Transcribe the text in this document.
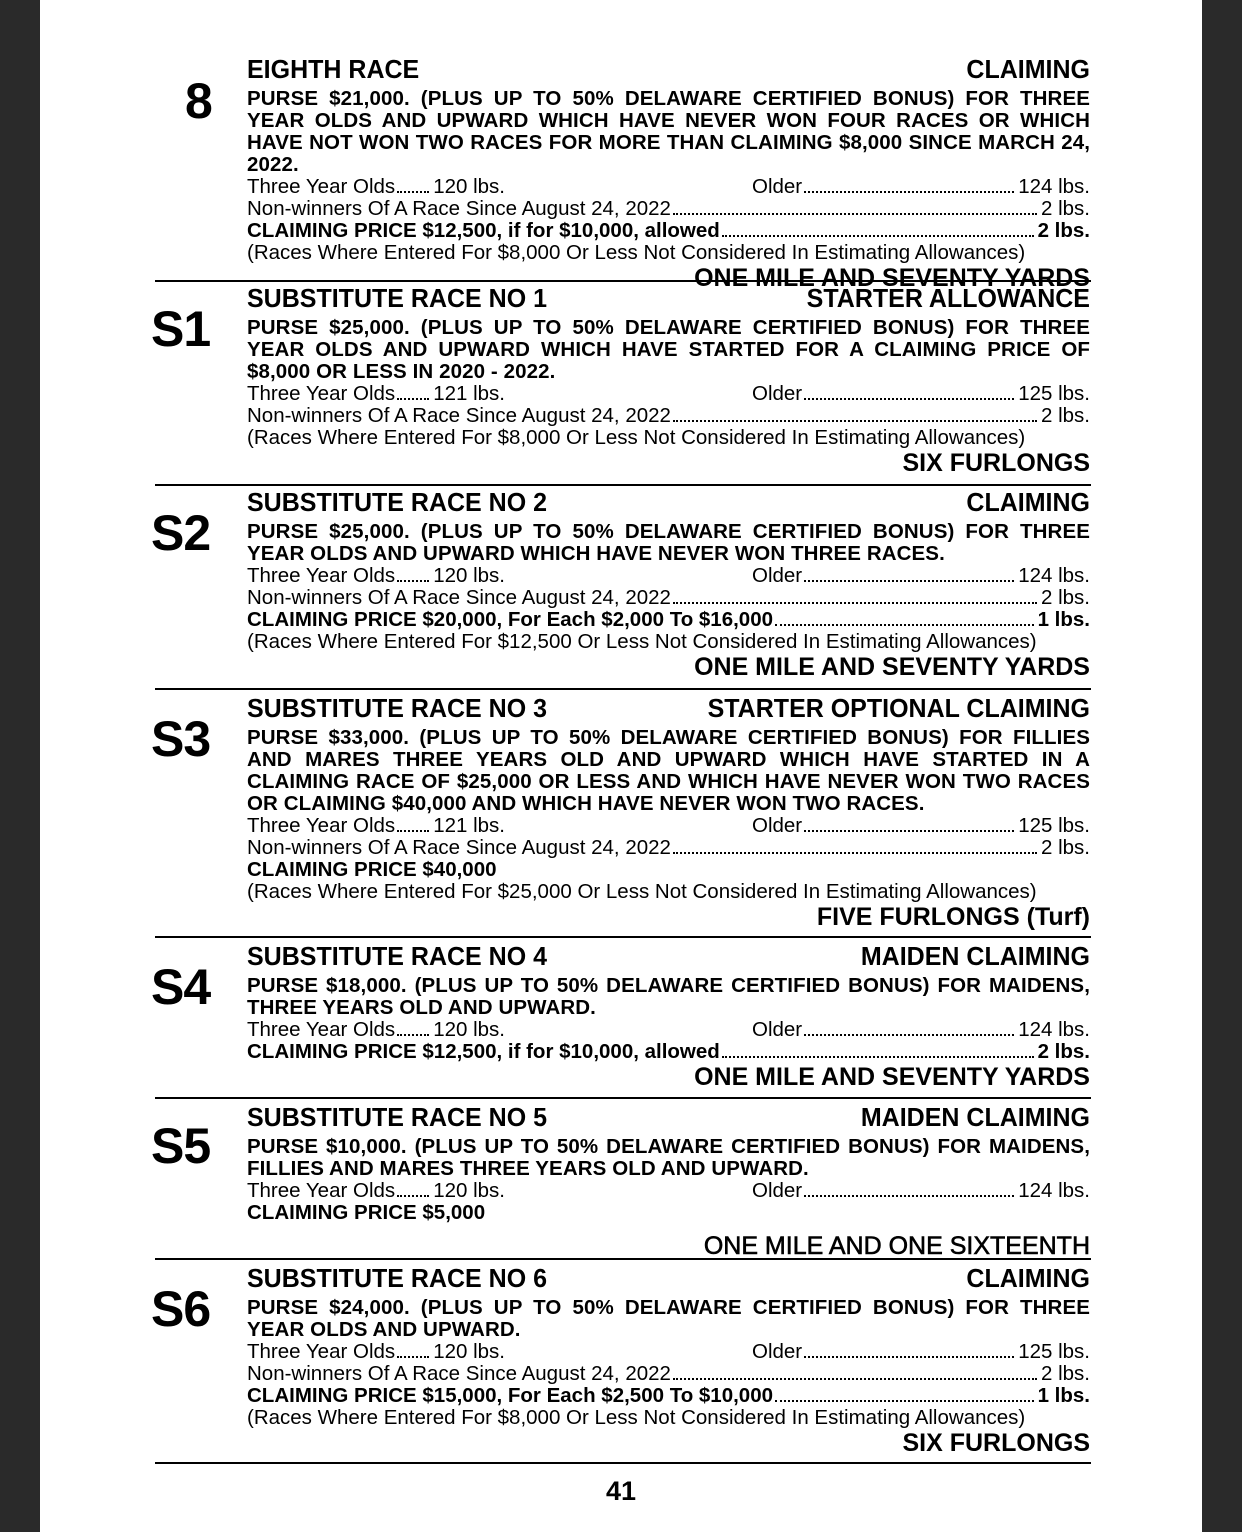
8
EIGHTH RACE	CLAIMING
PURSE $21,000. (PLUS UP TO 50% DELAWARE CERTIFIED BONUS) FOR THREE YEAR OLDS AND UPWARD WHICH HAVE NEVER WON FOUR RACES OR WHICH HAVE NOT WON TWO RACES FOR MORE THAN CLAIMING $8,000 SINCE MARCH 24, 2022.
Three Year Olds 120 lbs.	Older	124 lbs.
Non-winners Of A Race Since August 24, 2022	2 lbs.
CLAIMING PRICE $12,500, if for $10,000, allowed	2 lbs.
(Races Where Entered For $8,000 Or Less Not Considered In Estimating Allowances)
ONE MILE AND SEVENTY YARDS
S1
SUBSTITUTE RACE NO 1	STARTER ALLOWANCE
PURSE $25,000. (PLUS UP TO 50% DELAWARE CERTIFIED BONUS) FOR THREE YEAR OLDS AND UPWARD WHICH HAVE STARTED FOR A CLAIMING PRICE OF $8,000 OR LESS IN 2020 - 2022.
Three Year Olds 121 lbs.	Older	125 lbs.
Non-winners Of A Race Since August 24, 2022	2 lbs.
(Races Where Entered For $8,000 Or Less Not Considered In Estimating Allowances)
SIX FURLONGS
S2
SUBSTITUTE RACE NO 2	CLAIMING
PURSE $25,000. (PLUS UP TO 50% DELAWARE CERTIFIED BONUS) FOR THREE YEAR OLDS AND UPWARD WHICH HAVE NEVER WON THREE RACES.
Three Year Olds 120 lbs.	Older	124 lbs.
Non-winners Of A Race Since August 24, 2022	2 lbs.
CLAIMING PRICE $20,000, For Each $2,000 To $16,000	1 lbs.
(Races Where Entered For $12,500 Or Less Not Considered In Estimating Allowances)
ONE MILE AND SEVENTY YARDS
S3
SUBSTITUTE RACE NO 3	STARTER OPTIONAL CLAIMING
PURSE $33,000. (PLUS UP TO 50% DELAWARE CERTIFIED BONUS) FOR FILLIES AND MARES THREE YEARS OLD AND UPWARD WHICH HAVE STARTED IN A CLAIMING RACE OF $25,000 OR LESS AND WHICH HAVE NEVER WON TWO RACES OR CLAIMING $40,000 AND WHICH HAVE NEVER WON TWO RACES.
Three Year Olds 121 lbs.	Older	125 lbs.
Non-winners Of A Race Since August 24, 2022	2 lbs.
CLAIMING PRICE $40,000
(Races Where Entered For $25,000 Or Less Not Considered In Estimating Allowances)
FIVE FURLONGS (Turf)
S4
SUBSTITUTE RACE NO 4	MAIDEN CLAIMING
PURSE $18,000. (PLUS UP TO 50% DELAWARE CERTIFIED BONUS) FOR MAIDENS, THREE YEARS OLD AND UPWARD.
Three Year Olds 120 lbs.	Older	124 lbs.
CLAIMING PRICE $12,500, if for $10,000, allowed	2 lbs.
ONE MILE AND SEVENTY YARDS
S5	SUBSTITUTE RACE NO 5	MAIDEN CLAIMING
PURSE $10,000. (PLUS UP TO 50% DELAWARE CERTIFIED BONUS) FOR MAIDENS, FILLIES AND MARES THREE YEARS OLD AND UPWARD.
Three Year Olds 120 lbs.	Older	124 lbs.
CLAIMING PRICE $5,000
ONE MILE AND ONE SIXTEENTH
S6
SUBSTITUTE RACE NO 6	CLAIMING
PURSE $24,000. (PLUS UP TO 50% DELAWARE CERTIFIED BONUS) FOR THREE YEAR OLDS AND UPWARD.
Three Year Olds 120 lbs.	Older	125 lbs.
Non-winners Of A Race Since August 24, 2022	2 lbs.
CLAIMING PRICE $15,000, For Each $2,500 To $10,000	1 lbs.
(Races Where Entered For $8,000 Or Less Not Considered In Estimating Allowances)
SIX FURLONGS
41
